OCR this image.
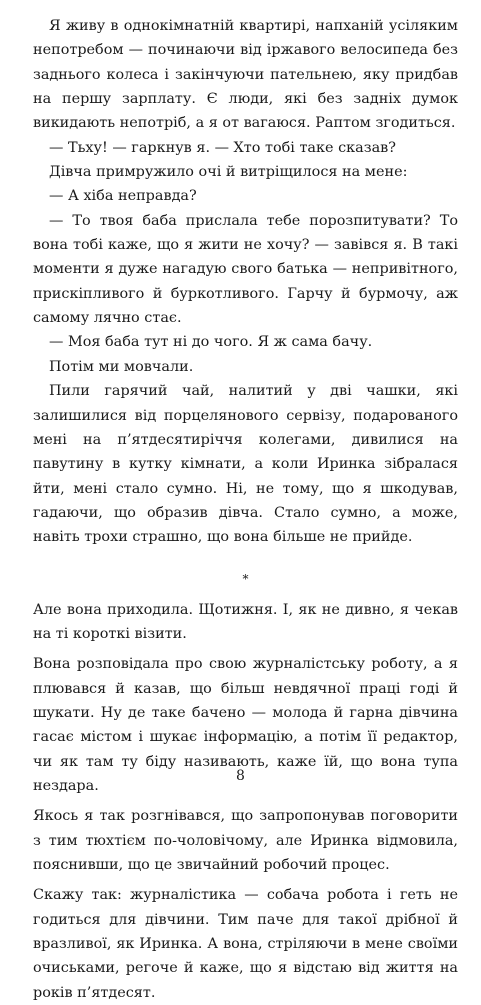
Я живу в однокімнатній квартирі, напханій усіляким непотребом — починаючи від іржавого велосипеда без заднього колеса і закінчуючи пательнею, яку придбав на першу зарплату. Є люди, які без задніх думок викидають непотріб, а я от вагаюся. Раптом згодиться.

— Тьху! — гаркнув я. — Хто тобі таке сказав?

Дівча примружило очі й витріщилося на мене:

— А хіба неправда?

— То твоя баба прислала тебе порозпитувати? То вона тобі каже, що я жити не хочу? — завівся я. В такі моменти я дуже нагадую свого батька — непривітного, прискіпливого й буркотливого. Гарчу й бурмочу, аж самому лячно стає.

— Моя баба тут ні до чого. Я ж сама бачу.

Потім ми мовчали.

Пили гарячий чай, налитий у дві чашки, які залишилися від порцелянового сервізу, подарованого мені на п’ятдесятиріччя колегами, дивилися на павутину в кутку кімнати, а коли Иринка зібралася йти, мені стало сумно. Ні, не тому, що я шкодував, гадаючи, що образив дівча. Стало сумно, а може, навіть трохи страшно, що вона більше не прийде.

*

Але вона приходила. Щотижня. І, як не дивно, я чекав на ті короткі візити.

Вона розповідала про свою журналістську роботу, а я плювався й казав, що більш невдячної праці годі й шукати. Ну де таке бачено — молода й гарна дівчина гасає містом і шукає інформацію, а потім її редактор, чи як там ту біду називають, каже їй, що вона тупа нездара.

Якось я так розгнівався, що запропонував поговорити з тим тюхтієм по-чоловічому, але Иринка відмовила, пояснивши, що це звичайний робочий процес.

Скажу так: журналістика — собача робота і геть не годиться для дівчини. Тим паче для такої дрібної й вразливої, як Иринка. А вона, стріляючи в мене своїми очиськами, регоче й каже, що я відстаю від життя на років п’ятдесят.

8
